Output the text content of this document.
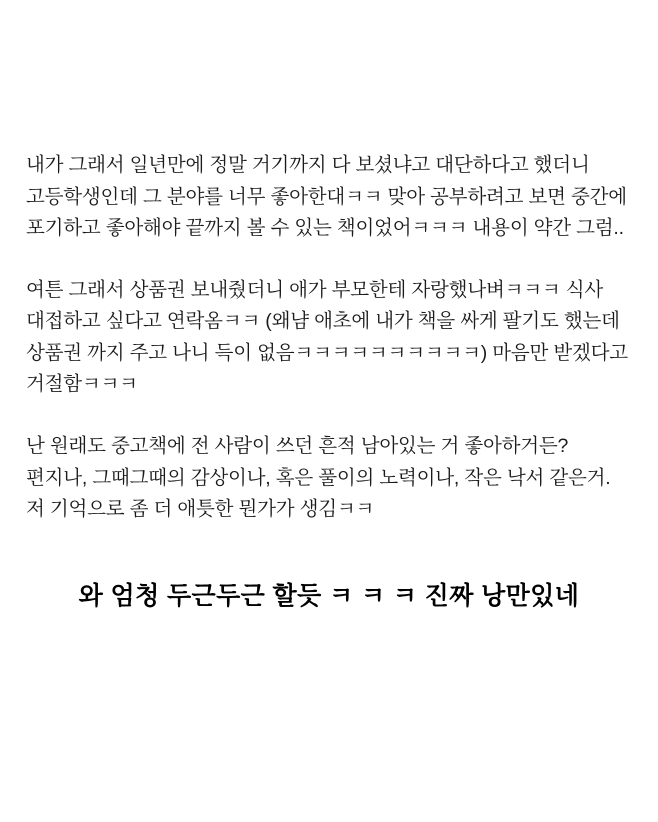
내가 그래서 일년만에 정말 거기까지 다 보셨냐고 대단하다고 했더니 고등학생인데 그 분야를 너무 좋아한대ㅋㅋ 맞아 공부하려고 보면 중간에 포기하고 좋아해야 끝까지 볼 수 있는 책이었어ㅋㅋㅋ 내용이 약간 그럼..

여튼 그래서 상품권 보내줬더니 애가 부모한테 자랑했나벼ㅋㅋㅋ 식사 대접하고 싶다고 연락옴ㅋㅋ (왜냠 애초에 내가 책을 싸게 팔기도 했는데 상품권 까지 주고 나니 득이 없음ㅋㅋㅋㅋㅋㅋㅋㅋㅋㅋ) 마음만 받겠다고 거절함ㅋㅋㅋ

난 원래도 중고책에 전 사람이 쓰던 흔적 남아있는 거 좋아하거든? 편지나, 그때그때의 감상이나, 혹은 풀이의 노력이나, 작은 낙서 같은거. 저 기억으로 좀 더 애틋한 뭔가가 생김ㅋㅋ

와 엄청 두근두근 할듯 ㅋ ㅋ ㅋ 진짜 낭만있네
